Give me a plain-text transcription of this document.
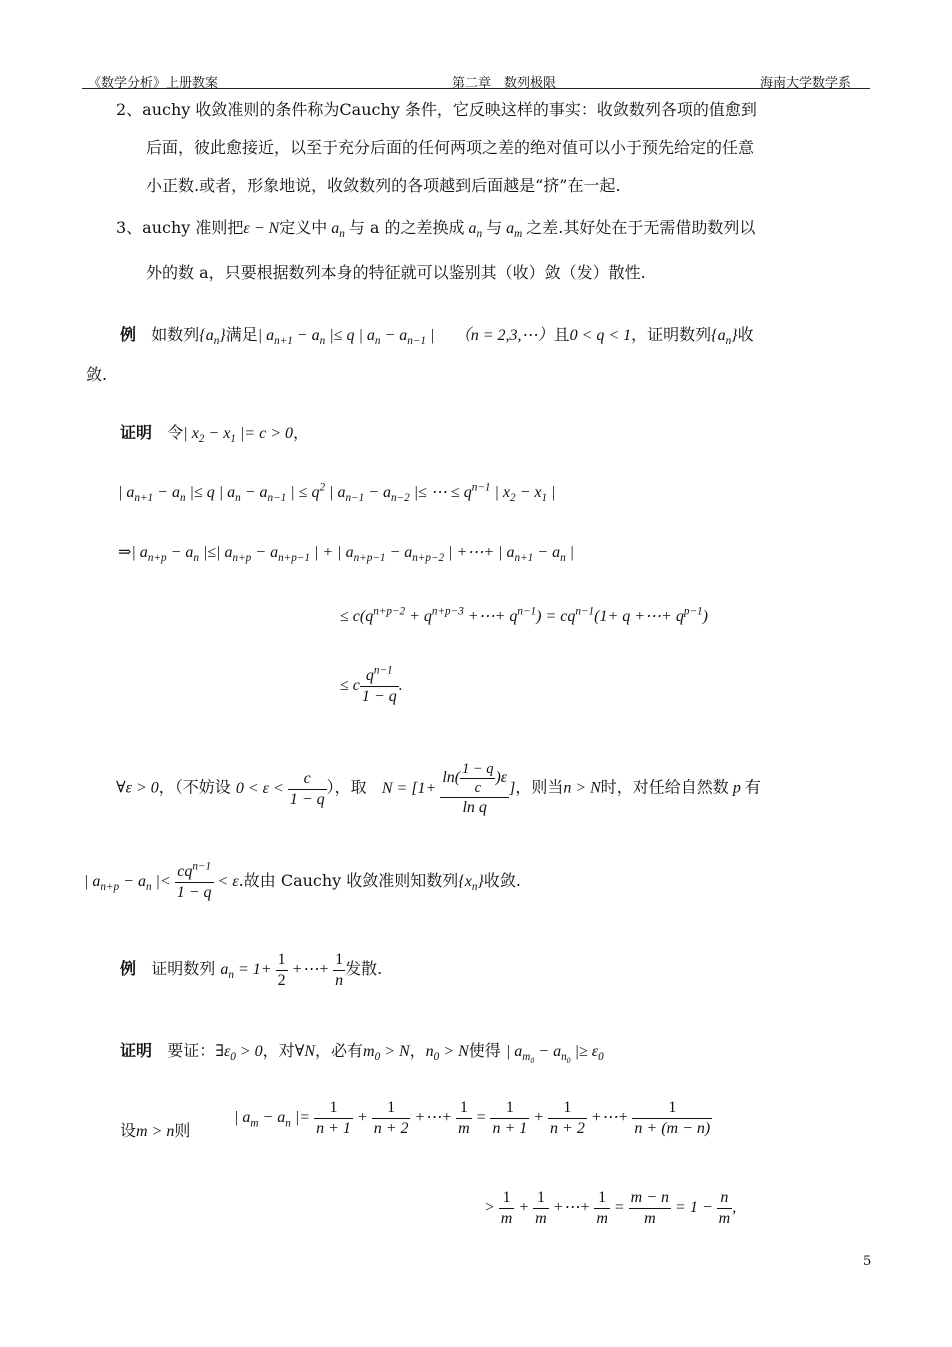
《数学分析》上册教案	第二章　数列极限	海南大学数学系
2、auchy 收敛准则的条件称为Cauchy 条件，它反映这样的事实：收敛数列各项的值愈到
后面，彼此愈接近，以至于充分后面的任何两项之差的绝对值可以小于预先给定的任意
小正数.或者，形象地说，收敛数列的各项越到后面越是“挤”在一起.
3、auchy 准则把ε − N定义中 $a_n$ 与 a 的之差换成 $a_n$ 与 $a_m$ 之差.其好处在于无需借助数列以
外的数 a，只要根据数列本身的特征就可以鉴别其（收）敛（发）散性.
例 如数列$\{a_n\}$满足| $a_{n+1} - a_n$ |≤ q | $a_n - a_{n-1}$ | （n = 2,3,⋯）且0 < q < 1，证明数列$\{a_n\}$收
敛.
证明 令| $x_2 - x_1$ |= c > 0，
| $a_{n+1} - a_n$ |≤ q | $a_n - a_{n-1}$ | ≤ $q^2$ | $a_{n-1} - a_{n-2}$ |≤ ⋯ ≤ $q^{n-1}$ | $x_2 - x_1$ |
⇒| $a_{n+p} - a_n$ |≤| $a_{n+p} - a_{n+p-1}$ | + | $a_{n+p-1} - a_{n+p-2}$ | +⋯+ | $a_{n+1} - a_n$ |
≤ $c(q^{n+p-2} + q^{n+p-3}$ +⋯+ $q^{n-1}) = cq^{n-1}(1+ q$ +⋯+ $q^{p-1}$)
≤ c $\frac{q^{n-1}}{1 - q}$ .
∀ε > 0，（不妨设 $0 < \varepsilon < \frac{c}{1 - q}$ ），取 $N = [1+ \frac{\ln( \frac{1 - q}{c} )\varepsilon}{\text{ln q}}$ ]，则当n > N时，对任给自然数 p 有
| $a_{n+p} - a_n$ |< $\frac{cq^{n-1}}{1 - q} < \varepsilon$.故由 Cauchy 收敛准则知数列$\{x_n\}$收敛.
例 证明数列 $a_n = 1+ \frac{1}{2}$ +⋯+ $\frac{1}{n}$ 发散.
证明 要证：$\exists\varepsilon_0 > 0$，对∀N，必有$m_0 > N$，$n_0 > N$使得 | $a_{m_0} - a_{n_0}$ |≥ $\varepsilon_0$
设m > n则
| $a_m - a_n$ |= $\frac{1}{n + 1} + \frac{1}{n + 2}$ +⋯+ $\frac{1}{m} = \frac{1}{n + 1} + \frac{1}{n + 2}$ +⋯+ $\frac{1}{n + (m - n)}$
> $\frac{1}{m} + \frac{1}{m}$ +⋯+ $\frac{1}{m} = \frac{m - n}{m} = 1 - \frac{n}{m}$ ,
5
